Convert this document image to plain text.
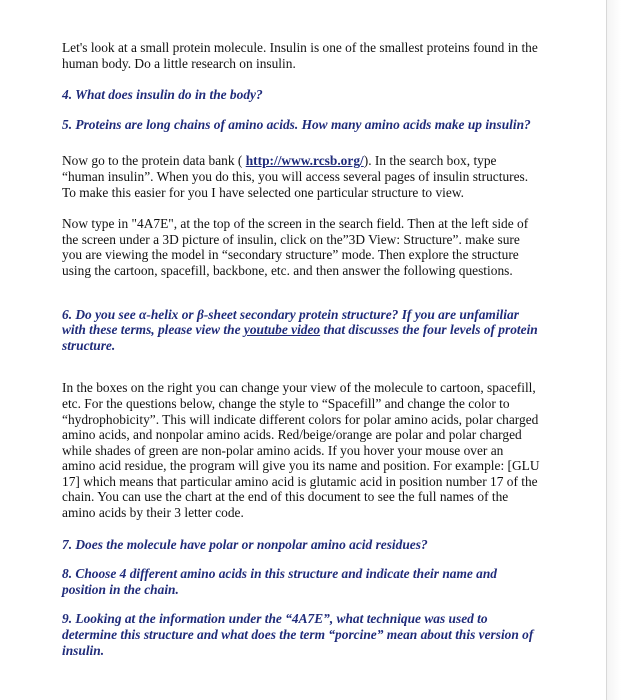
Let's look at a small protein molecule. Insulin is one of the smallest proteins found in the human body. Do a little research on insulin.

4. What does insulin do in the body?

5. Proteins are long chains of amino acids. How many amino acids make up insulin?

Now go to the protein data bank ( http://www.rcsb.org/). In the search box, type “human insulin”. When you do this, you will access several pages of insulin structures. To make this easier for you I have selected one particular structure to view.

Now type in "4A7E", at the top of the screen in the search field. Then at the left side of the screen under a 3D picture of insulin, click on the”3D View: Structure”. make sure you are viewing the model in “secondary structure” mode. Then explore the structure using the cartoon, spacefill, backbone, etc. and then answer the following questions.

6. Do you see α-helix or β-sheet secondary protein structure? If you are unfamiliar with these terms, please view the youtube video that discusses the four levels of protein structure.

In the boxes on the right you can change your view of the molecule to cartoon, spacefill, etc. For the questions below, change the style to “Spacefill” and change the color to “hydrophobicity”. This will indicate different colors for polar amino acids, polar charged amino acids, and nonpolar amino acids. Red/beige/orange are polar and polar charged while shades of green are non-polar amino acids. If you hover your mouse over an amino acid residue, the program will give you its name and position. For example: [GLU 17] which means that particular amino acid is glutamic acid in position number 17 of the chain. You can use the chart at the end of this document to see the full names of the amino acids by their 3 letter code.

7. Does the molecule have polar or nonpolar amino acid residues?

8. Choose 4 different amino acids in this structure and indicate their name and position in the chain.

9. Looking at the information under the “4A7E”, what technique was used to determine this structure and what does the term “porcine” mean about this version of insulin.
